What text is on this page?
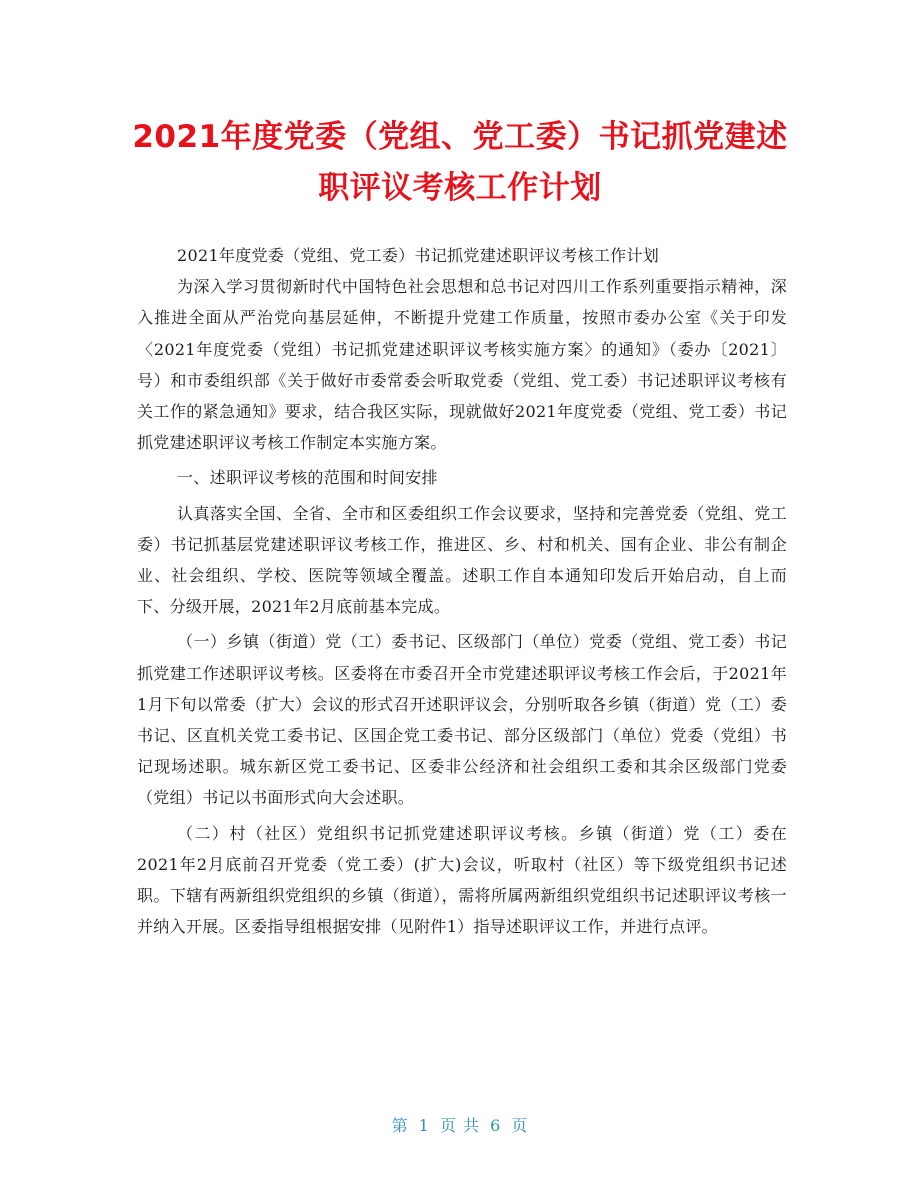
2021年度党委（党组、党工委）书记抓党建述
职评议考核工作计划

2021年度党委（党组、党工委）书记抓党建述职评议考核工作计划

为深入学习贯彻新时代中国特色社会思想和总书记对四川工作系列重要指示精神，深入推进全面从严治党向基层延伸，不断提升党建工作质量，按照市委办公室《关于印发〈2021年度党委（党组）书记抓党建述职评议考核实施方案〉的通知》（委办〔2021〕号）和市委组织部《关于做好市委常委会听取党委（党组、党工委）书记述职评议考核有关工作的紧急通知》要求，结合我区实际，现就做好2021年度党委（党组、党工委）书记抓党建述职评议考核工作制定本实施方案。

一、述职评议考核的范围和时间安排

认真落实全国、全省、全市和区委组织工作会议要求，坚持和完善党委（党组、党工委）书记抓基层党建述职评议考核工作，推进区、乡、村和机关、国有企业、非公有制企业、社会组织、学校、医院等领域全覆盖。述职工作自本通知印发后开始启动，自上而下、分级开展，2021年2月底前基本完成。

（一）乡镇（街道）党（工）委书记、区级部门（单位）党委（党组、党工委）书记抓党建工作述职评议考核。区委将在市委召开全市党建述职评议考核工作会后，于2021年1月下旬以常委（扩大）会议的形式召开述职评议会，分别听取各乡镇（街道）党（工）委书记、区直机关党工委书记、区国企党工委书记、部分区级部门（单位）党委（党组）书记现场述职。城东新区党工委书记、区委非公经济和社会组织工委和其余区级部门党委（党组）书记以书面形式向大会述职。

（二）村（社区）党组织书记抓党建述职评议考核。乡镇（街道）党（工）委在2021年2月底前召开党委（党工委）(扩大)会议，听取村（社区）等下级党组织书记述职。下辖有两新组织党组织的乡镇（街道），需将所属两新组织党组织书记述职评议考核一并纳入开展。区委指导组根据安排（见附件1）指导述职评议工作，并进行点评。

第 1 页 共 6 页
